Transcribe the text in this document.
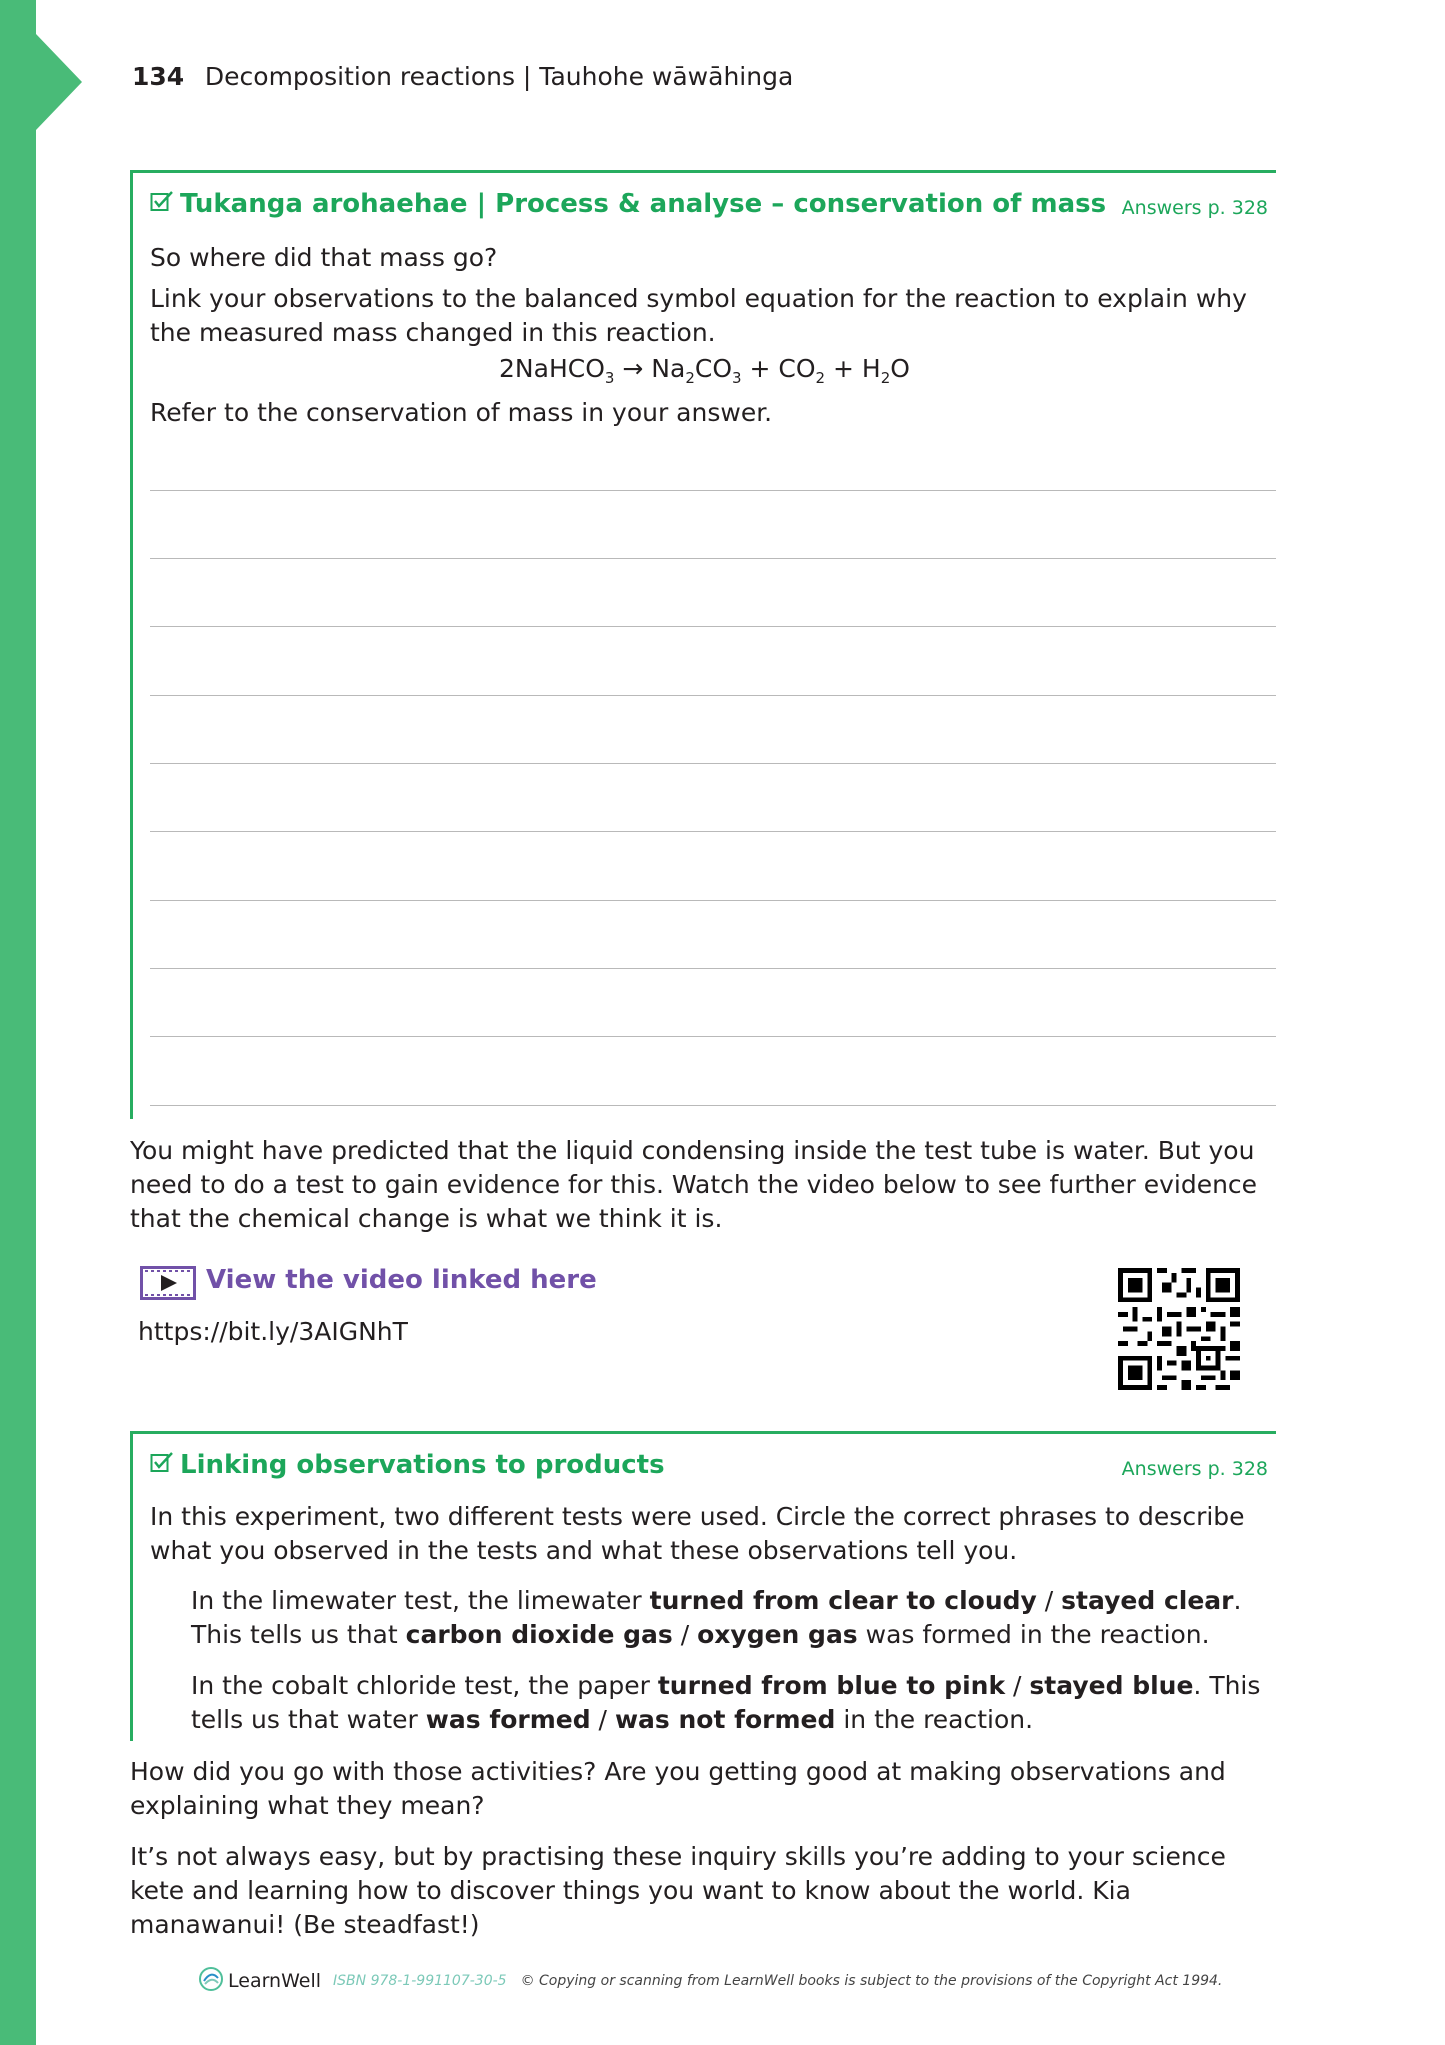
134 Decomposition reactions | Tauhohe wāwāhinga
Tukanga arohaehae | Process & analyse – conservation of mass Answers p. 328

So where did that mass go?

Link your observations to the balanced symbol equation for the reaction to explain why the measured mass changed in this reaction.

2NaHCO$_3$ → $Na_2CO_3 + CO_2 + H_2O$

Refer to the conservation of mass in your answer.

You might have predicted that the liquid condensing inside the test tube is water. But you need to do a test to gain evidence for this. Watch the video below to see further evidence that the chemical change is what we think it is.

View the video linked here
https://bit.ly/3AIGNhT
Linking observations to products	Answers p. 328

In this experiment, two different tests were used. Circle the correct phrases to describe what you observed in the tests and what these observations tell you.

In the limewater test, the limewater turned from clear to cloudy / stayed clear. This tells us that carbon dioxide gas / oxygen gas was formed in the reaction.

In the cobalt chloride test, the paper turned from blue to pink / stayed blue. This tells us that water was formed / was not formed in the reaction.

How did you go with those activities? Are you getting good at making observations and explaining what they mean?

It’s not always easy, but by practising these inquiry skills you’re adding to your science kete and learning how to discover things you want to know about the world. Kia manawanui! (Be steadfast!)

LearnWell ISBN 978-1-991107-30-5 © Copying or scanning from LearnWell books is subject to the provisions of the Copyright Act 1994.
